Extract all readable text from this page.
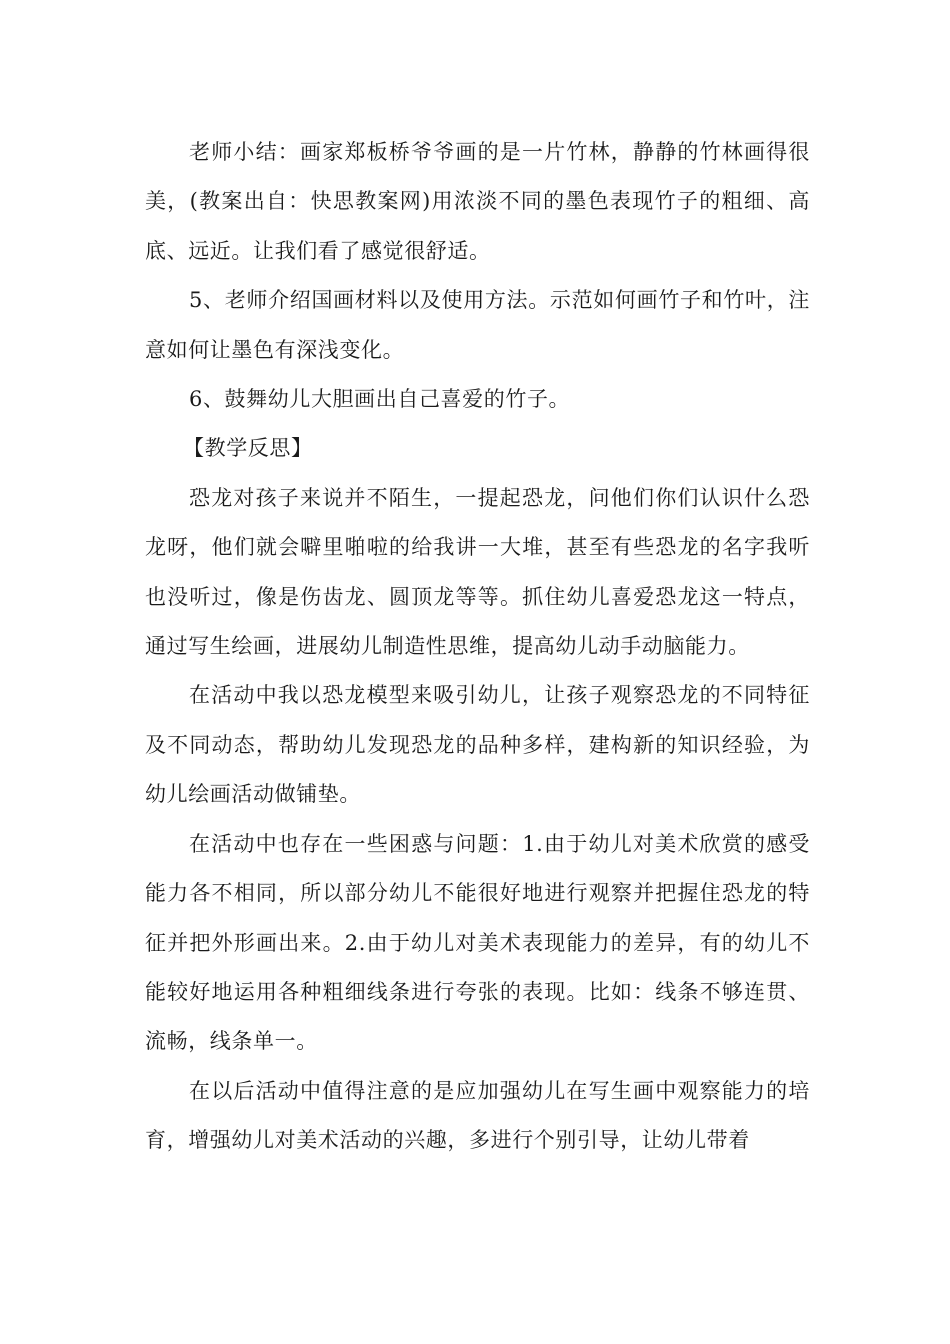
老师小结：画家郑板桥爷爷画的是一片竹林，静静的竹林画得很美，(教案出自：快思教案网)用浓淡不同的墨色表现竹子的粗细、高底、远近。让我们看了感觉很舒适。

5、老师介绍国画材料以及使用方法。示范如何画竹子和竹叶，注意如何让墨色有深浅变化。

6、鼓舞幼儿大胆画出自己喜爱的竹子。

【教学反思】

恐龙对孩子来说并不陌生，一提起恐龙，问他们你们认识什么恐龙呀，他们就会噼里啪啦的给我讲一大堆，甚至有些恐龙的名字我听也没听过，像是伤齿龙、圆顶龙等等。抓住幼儿喜爱恐龙这一特点，通过写生绘画，进展幼儿制造性思维，提高幼儿动手动脑能力。

在活动中我以恐龙模型来吸引幼儿，让孩子观察恐龙的不同特征及不同动态，帮助幼儿发现恐龙的品种多样，建构新的知识经验，为幼儿绘画活动做铺垫。

在活动中也存在一些困惑与问题：1.由于幼儿对美术欣赏的感受能力各不相同，所以部分幼儿不能很好地进行观察并把握住恐龙的特征并把外形画出来。2.由于幼儿对美术表现能力的差异，有的幼儿不能较好地运用各种粗细线条进行夸张的表现。比如：线条不够连贯、流畅，线条单一。

在以后活动中值得注意的是应加强幼儿在写生画中观察能力的培育，增强幼儿对美术活动的兴趣，多进行个别引导，让幼儿带着
